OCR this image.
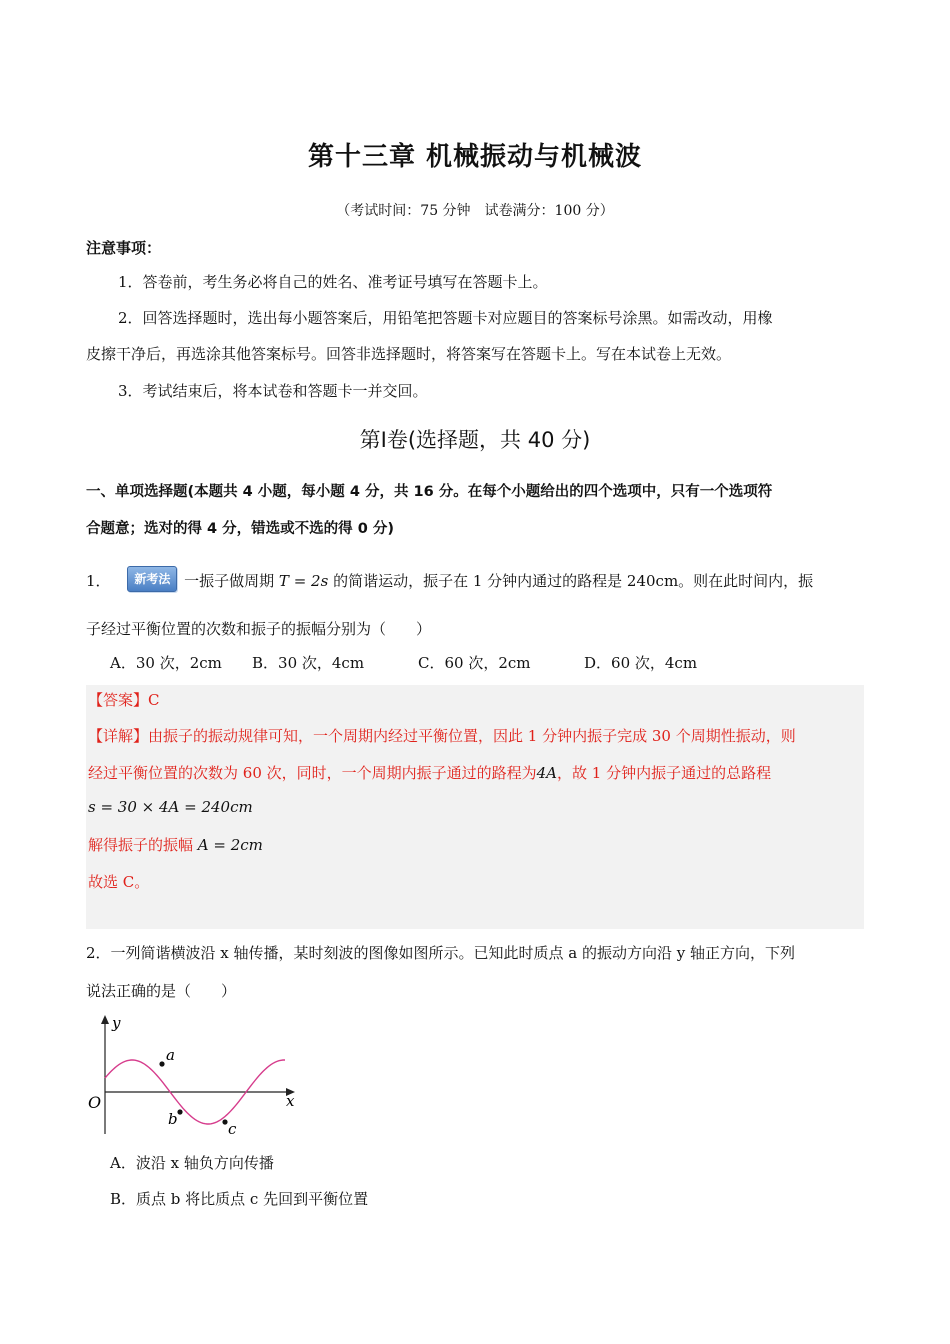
第十三章 机械振动与机械波
（考试时间：75 分钟　试卷满分：100 分）
注意事项：
1．答卷前，考生务必将自己的姓名、准考证号填写在答题卡上。
2．回答选择题时，选出每小题答案后，用铅笔把答题卡对应题目的答案标号涂黑。如需改动，用橡
皮擦干净后，再选涂其他答案标号。回答非选择题时，将答案写在答题卡上。写在本试卷上无效。
3．考试结束后，将本试卷和答题卡一并交回。
第Ⅰ卷(选择题，共 40 分)
一、单项选择题(本题共 4 小题，每小题 4 分，共 16 分。在每个小题给出的四个选项中，只有一个选项符
合题意；选对的得 4 分，错选或不选的得 0 分)
1． 新考法 一振子做周期 T = 2s 的简谐运动，振子在 1 分钟内通过的路程是 240cm。则在此时间内，振
子经过平衡位置的次数和振子的振幅分别为（　　）
A．30 次，2cm B．30 次，4cm	C．60 次，2cm	D．60 次，4cm
【答案】C
【详解】由振子的振动规律可知，一个周期内经过平衡位置，因此 1 分钟内振子完成 30 个周期性振动，则
经过平衡位置的次数为 60 次，同时，一个周期内振子通过的路程为4A，故 1 分钟内振子通过的总路程
s = 30 × 4A = 240cm
解得振子的振幅 A = 2cm
故选 C。
2．一列简谐横波沿 x 轴传播，某时刻波的图像如图所示。已知此时质点 a 的振动方向沿 y 轴正方向，下列
说法正确的是（　　）
y
x
O
a
b
c
A．波沿 x 轴负方向传播
B．质点 b 将比质点 c 先回到平衡位置
